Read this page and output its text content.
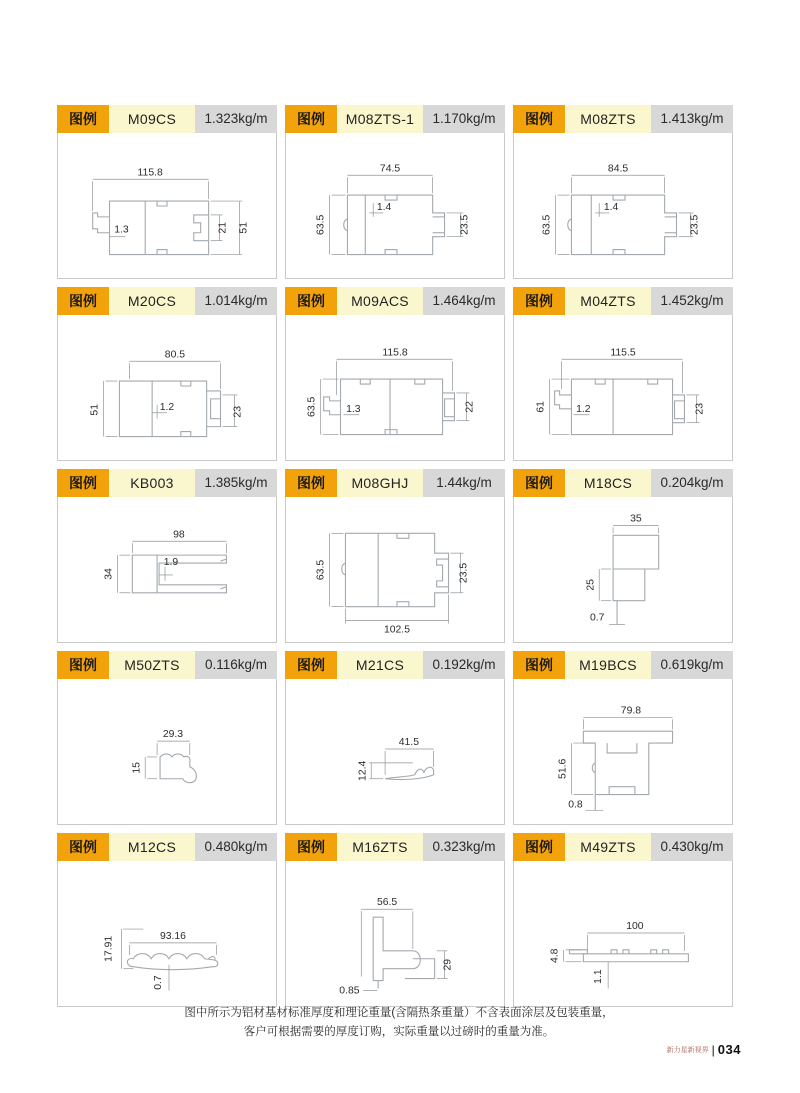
图例	M09CS	1.323kg/m
115.8
1.3	21 51
图例	M08ZTS-1	1.170kg/m
74.5
1.4
63.5	23.5
图例	M08ZTS	1.413kg/m
84.5
1.4
63.5	23.5
图例	M20CS	1.014kg/m
80.5
1.2
51	23
图例	M09ACS	1.464kg/m
115.8
1.3
63.5	22
图例	M04ZTS	1.452kg/m
115.5
1.2
61	23
图例	KB003	1.385kg/m
98
1.9
34
图例	M08GHJ	1.44kg/m
63.5	23.5
102.5
图例	M18CS	0.204kg/m
35
25
0.7
图例	M50ZTS	0.116kg/m
29.3
15
图例	M21CS	0.192kg/m
41.5
12.4
图例	M19BCS	0.619kg/m
79.8
51.6
0.8
图例	M12CS	0.480kg/m
93.16
17.91
0.7
图例	M16ZTS	0.323kg/m
56.5
29
0.85
图例	M49ZTS	0.430kg/m
100
4.8
1.1
图中所示为铝材基材标准厚度和理论重量(含隔热条重量）不含表面涂层及包装重量，
客户可根据需要的厚度订购，实际重量以过磅时的重量为准。
新力星新视界 | 034
